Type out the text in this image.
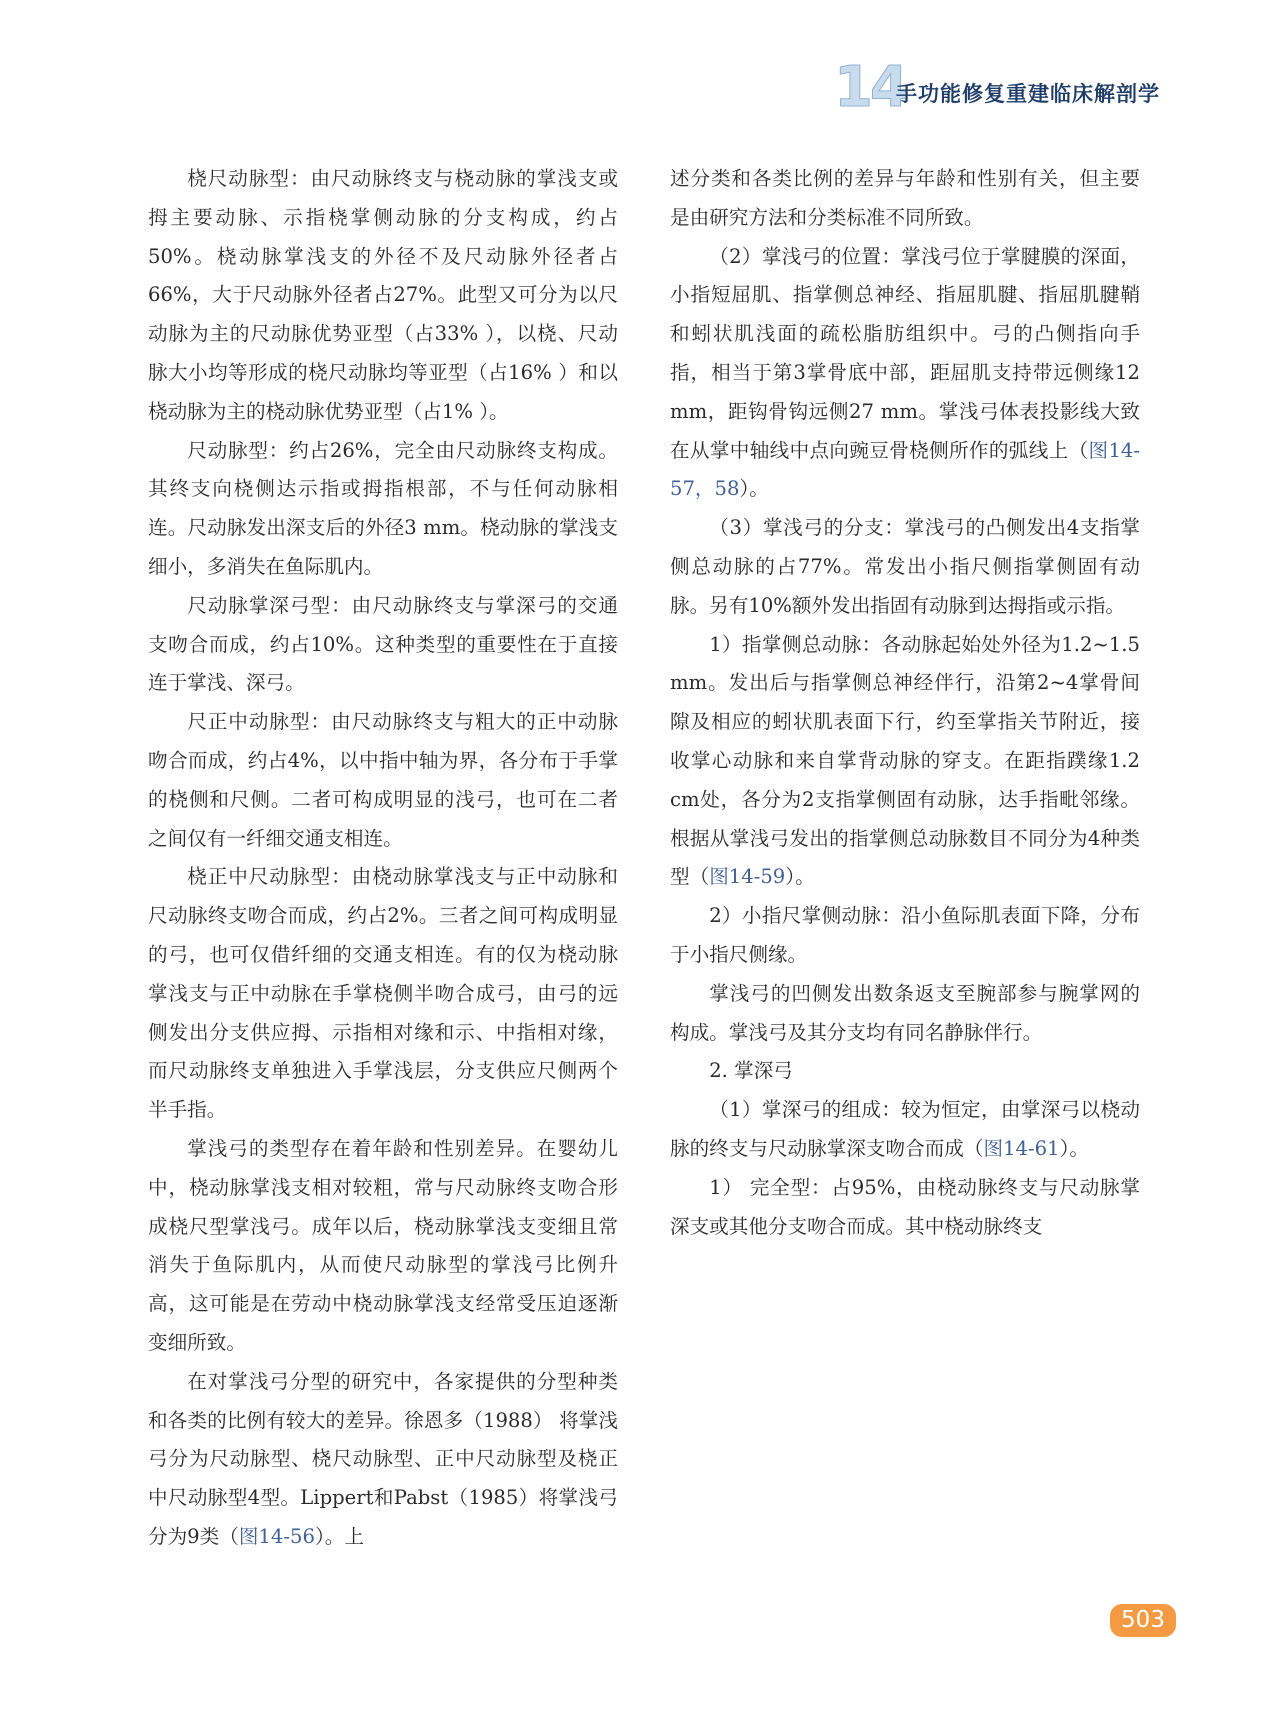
14
手功能修复重建临床解剖学

桡尺动脉型：由尺动脉终支与桡动脉的掌浅支或拇主要动脉、示指桡掌侧动脉的分支构成，约占50%。桡动脉掌浅支的外径不及尺动脉外径者占66%，大于尺动脉外径者占27%。此型又可分为以尺动脉为主的尺动脉优势亚型（占33% ），以桡、尺动脉大小均等形成的桡尺动脉均等亚型（占16% ）和以桡动脉为主的桡动脉优势亚型（占1% ）。

尺动脉型：约占26%，完全由尺动脉终支构成。其终支向桡侧达示指或拇指根部，不与任何动脉相连。尺动脉发出深支后的外径3 mm。桡动脉的掌浅支细小，多消失在鱼际肌内。

尺动脉掌深弓型：由尺动脉终支与掌深弓的交通支吻合而成，约占10%。这种类型的重要性在于直接连于掌浅、深弓。

尺正中动脉型：由尺动脉终支与粗大的正中动脉吻合而成，约占4%，以中指中轴为界，各分布于手掌的桡侧和尺侧。二者可构成明显的浅弓，也可在二者之间仅有一纤细交通支相连。

桡正中尺动脉型：由桡动脉掌浅支与正中动脉和尺动脉终支吻合而成，约占2%。三者之间可构成明显的弓，也可仅借纤细的交通支相连。有的仅为桡动脉掌浅支与正中动脉在手掌桡侧半吻合成弓，由弓的远侧发出分支供应拇、示指相对缘和示、中指相对缘，而尺动脉终支单独进入手掌浅层，分支供应尺侧两个半手指。

掌浅弓的类型存在着年龄和性别差异。在婴幼儿中，桡动脉掌浅支相对较粗，常与尺动脉终支吻合形成桡尺型掌浅弓。成年以后，桡动脉掌浅支变细且常消失于鱼际肌内，从而使尺动脉型的掌浅弓比例升高，这可能是在劳动中桡动脉掌浅支经常受压迫逐渐变细所致。

在对掌浅弓分型的研究中，各家提供的分型种类和各类的比例有较大的差异。徐恩多（1988） 将掌浅弓分为尺动脉型、桡尺动脉型、正中尺动脉型及桡正中尺动脉型4型。Lippert和Pabst（1985）将掌浅弓分为9类（图14-56）。上

述分类和各类比例的差异与年龄和性别有关，但主要是由研究方法和分类标准不同所致。

（2）掌浅弓的位置：掌浅弓位于掌腱膜的深面，小指短屈肌、指掌侧总神经、指屈肌腱、指屈肌腱鞘和蚓状肌浅面的疏松脂肪组织中。弓的凸侧指向手指，相当于第3掌骨底中部，距屈肌支持带远侧缘12 mm，距钩骨钩远侧27 mm。掌浅弓体表投影线大致在从掌中轴线中点向豌豆骨桡侧所作的弧线上（图14-57，58）。

（3）掌浅弓的分支：掌浅弓的凸侧发出4支指掌侧总动脉的占77%。常发出小指尺侧指掌侧固有动脉。另有10%额外发出指固有动脉到达拇指或示指。

1）指掌侧总动脉：各动脉起始处外径为1.2~1.5 mm。发出后与指掌侧总神经伴行，沿第2~4掌骨间隙及相应的蚓状肌表面下行，约至掌指关节附近，接收掌心动脉和来自掌背动脉的穿支。在距指蹼缘1.2 cm处，各分为2支指掌侧固有动脉，达手指毗邻缘。根据从掌浅弓发出的指掌侧总动脉数目不同分为4种类型（图14-59）。

2）小指尺掌侧动脉：沿小鱼际肌表面下降，分布于小指尺侧缘。

掌浅弓的凹侧发出数条返支至腕部参与腕掌网的构成。掌浅弓及其分支均有同名静脉伴行。

2. 掌深弓

（1）掌深弓的组成：较为恒定，由掌深弓以桡动脉的终支与尺动脉掌深支吻合而成（图14-61）。

1） 完全型：占95%，由桡动脉终支与尺动脉掌深支或其他分支吻合而成。其中桡动脉终支

503
